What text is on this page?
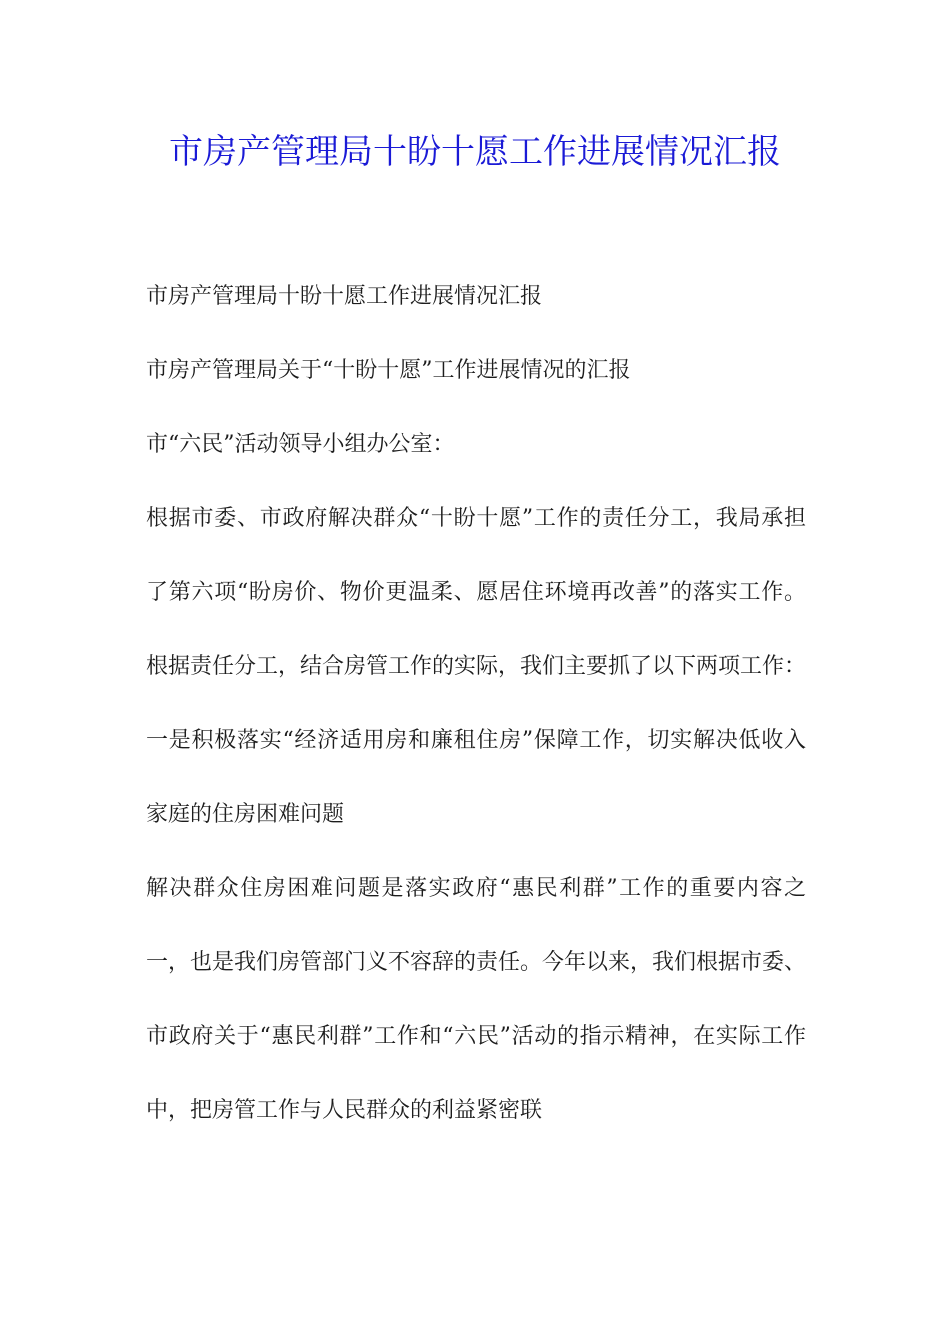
市房产管理局十盼十愿工作进展情况汇报

市房产管理局十盼十愿工作进展情况汇报

市房产管理局关于“十盼十愿”工作进展情况的汇报

市“六民”活动领导小组办公室：

根据市委、市政府解决群众“十盼十愿”工作的责任分工，我局承担了第六项“盼房价、物价更温柔、愿居住环境再改善”的落实工作。根据责任分工，结合房管工作的实际，我们主要抓了以下两项工作：

一是积极落实“经济适用房和廉租住房”保障工作，切实解决低收入家庭的住房困难问题

解决群众住房困难问题是落实政府“惠民利群”工作的重要内容之一，也是我们房管部门义不容辞的责任。今年以来，我们根据市委、市政府关于“惠民利群”工作和“六民”活动的指示精神，在实际工作中，把房管工作与人民群众的利益紧密联
